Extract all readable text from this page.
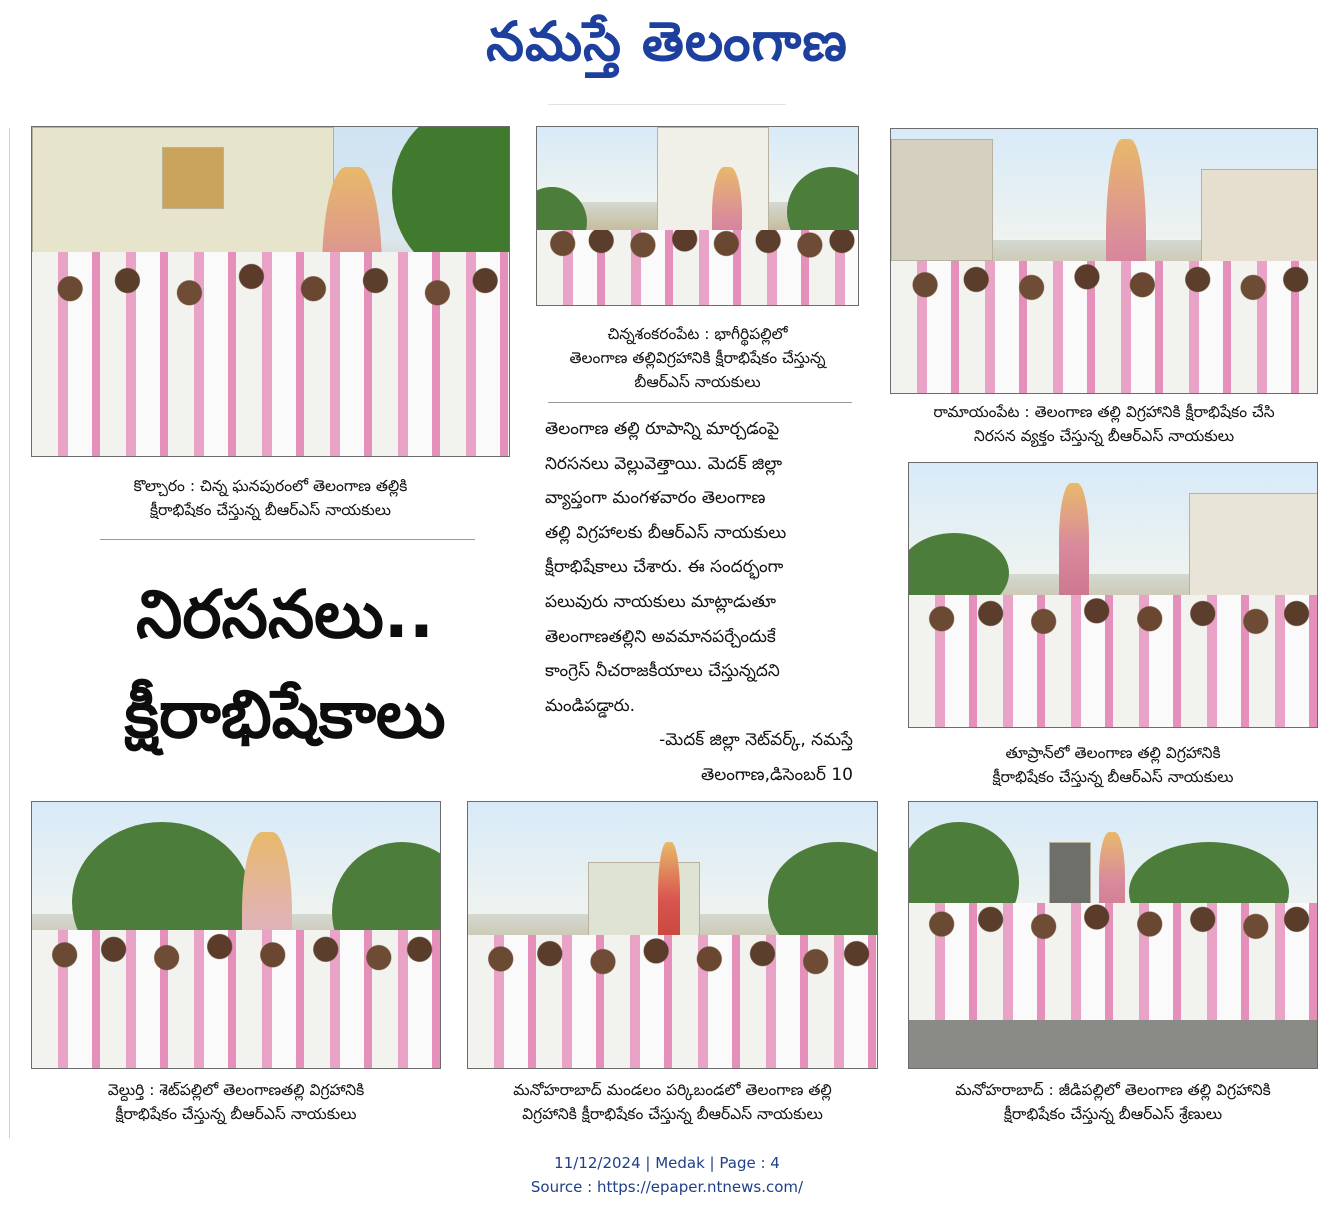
నమస్తే తెలంగాణ
కొల్చారం : చిన్న ఘనపురంలో తెలంగాణ తల్లికి
క్షీరాభిషేకం చేస్తున్న బీఆర్‌ఎస్ నాయకులు
చిన్నశంకరంపేట : భాగీర్థిపల్లిలో
తెలంగాణ తల్లివిగ్రహానికి క్షీరాభిషేకం చేస్తున్న
బీఆర్‌ఎస్ నాయకులు
రామాయంపేట : తెలంగాణ తల్లి విగ్రహానికి క్షీరాభిషేకం చేసి
నిరసన వ్యక్తం చేస్తున్న బీఆర్‌ఎస్ నాయకులు
నిరసనలు..
క్షీరాభిషేకాలు
తెలంగాణ తల్లి రూపాన్ని మార్చడంపై
నిరసనలు వెల్లువెత్తాయి. మెదక్ జిల్లా
వ్యాప్తంగా మంగళవారం తెలంగాణ
తల్లి విగ్రహాలకు బీఆర్‌ఎస్ నాయకులు
క్షీరాభిషేకాలు చేశారు. ఈ సందర్భంగా
పలువురు నాయకులు మాట్లాడుతూ
తెలంగాణతల్లిని అవమానపర్చేందుకే
కాంగ్రెస్ నీచరాజకీయాలు చేస్తున్నదని
మండిపడ్డారు.
-మెదక్ జిల్లా నెట్‌వర్క్, నమస్తే
తెలంగాణ,డిసెంబర్ 10
తూప్రాన్‌లో తెలంగాణ తల్లి విగ్రహానికి
క్షీరాభిషేకం చేస్తున్న బీఆర్‌ఎస్ నాయకులు
వెల్దుర్తి : శెట్‌పల్లిలో తెలంగాణతల్లి విగ్రహానికి
క్షీరాభిషేకం చేస్తున్న బీఆర్‌ఎస్ నాయకులు
మనోహరాబాద్ మండలం పర్కిబండలో తెలంగాణ తల్లి
విగ్రహానికి క్షీరాభిషేకం చేస్తున్న బీఆర్‌ఎస్ నాయకులు
మనోహరాబాద్ : జీడిపల్లిలో తెలంగాణ తల్లి విగ్రహానికి
క్షీరాభిషేకం చేస్తున్న బీఆర్‌ఎస్ శ్రేణులు
11/12/2024 | Medak | Page : 4
Source : https://epaper.ntnews.com/
